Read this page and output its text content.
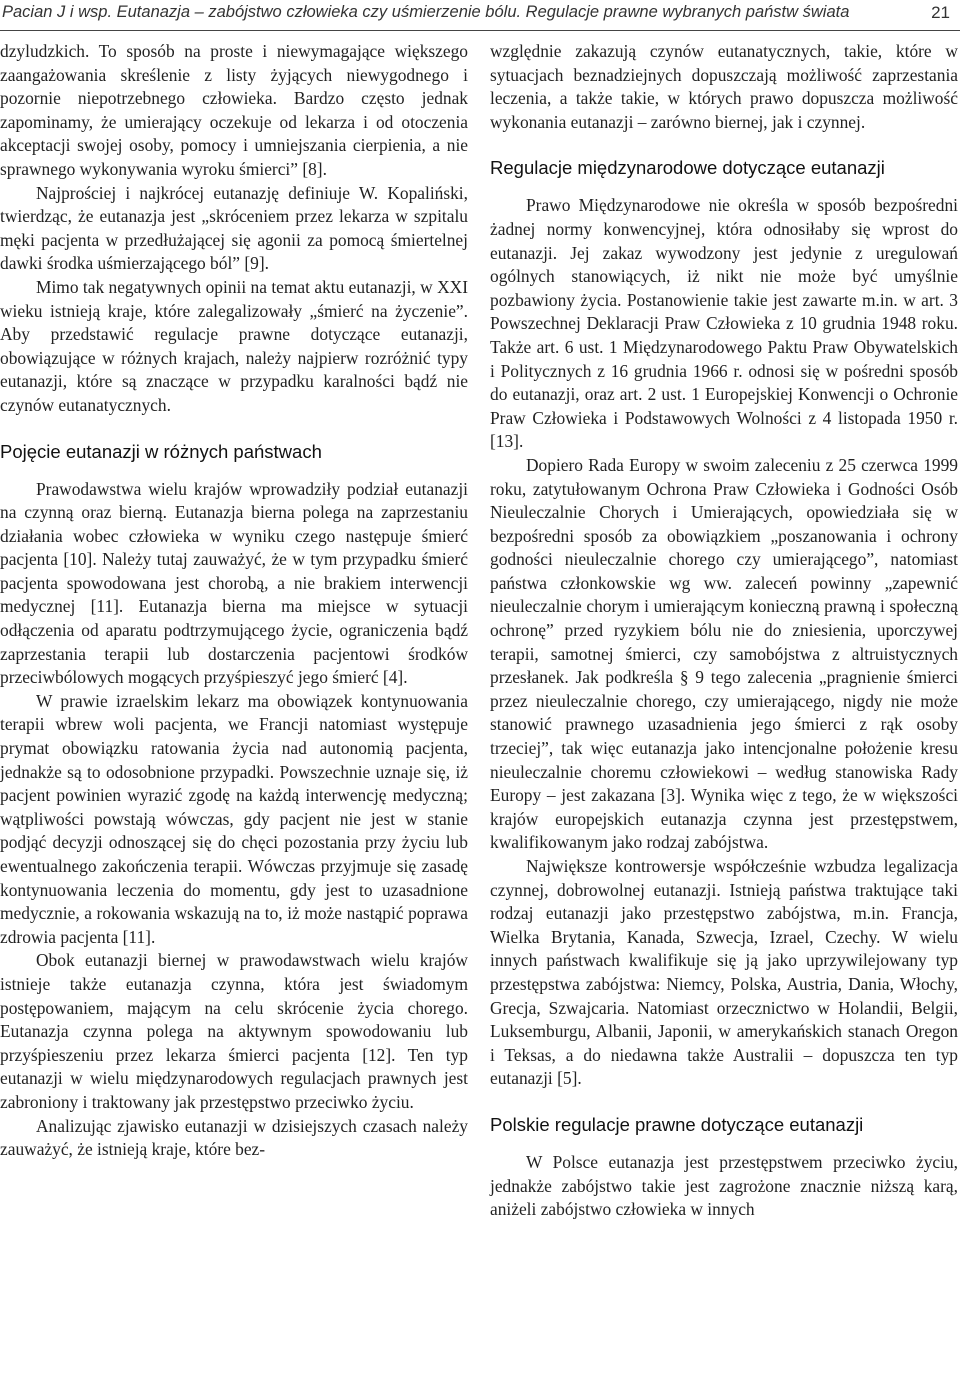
Pacian J i wsp. Eutanazja – zabójstwo człowieka czy uśmierzenie bólu. Regulacje prawne wybranych państw świata	21

dzyludzkich. To sposób na proste i niewymagające większego zaangażowania skreślenie z listy żyjących niewygodnego i pozornie niepotrzebnego człowieka. Bardzo często jednak zapominamy, że umierający oczekuje od lekarza i od otoczenia akceptacji swojej osoby, pomocy i umniejszania cierpienia, a nie sprawnego wykonywania wyroku śmierci” [8].

Najprościej i najkrócej eutanazję definiuje W. Kopaliński, twierdząc, że eutanazja jest „skróceniem przez lekarza w szpitalu męki pacjenta w przedłużającej się agonii za pomocą śmiertelnej dawki środka uśmierzającego ból” [9].

Mimo tak negatywnych opinii na temat aktu eutanazji, w XXI wieku istnieją kraje, które zalegalizowały „śmierć na życzenie”. Aby przedstawić regulacje prawne dotyczące eutanazji, obowiązujące w różnych krajach, należy najpierw rozróżnić typy eutanazji, które są znaczące w przypadku karalności bądź nie czynów eutanatycznych.

Pojęcie eutanazji w różnych państwach

Prawodawstwa wielu krajów wprowadziły podział eutanazji na czynną oraz bierną. Eutanazja bierna polega na zaprzestaniu działania wobec człowieka w wyniku czego następuje śmierć pacjenta [10]. Należy tutaj zauważyć, że w tym przypadku śmierć pacjenta spowodowana jest chorobą, a nie brakiem interwencji medycznej [11]. Eutanazja bierna ma miejsce w sytuacji odłączenia od aparatu podtrzymującego życie, ograniczenia bądź zaprzestania terapii lub dostarczenia pacjentowi środków przeciwbólowych mogących przyśpieszyć jego śmierć [4].

W prawie izraelskim lekarz ma obowiązek kontynuowania terapii wbrew woli pacjenta, we Francji natomiast występuje prymat obowiązku ratowania życia nad autonomią pacjenta, jednakże są to odosobnione przypadki. Powszechnie uznaje się, iż pacjent powinien wyrazić zgodę na każdą interwencję medyczną; wątpliwości powstają wówczas, gdy pacjent nie jest w stanie podjąć decyzji odnoszącej się do chęci pozostania przy życiu lub ewentualnego zakończenia terapii. Wówczas przyjmuje się zasadę kontynuowania leczenia do momentu, gdy jest to uzasadnione medycznie, a rokowania wskazują na to, iż może nastąpić poprawa zdrowia pacjenta [11].

Obok eutanazji biernej w prawodawstwach wielu krajów istnieje także eutanazja czynna, która jest świadomym postępowaniem, mającym na celu skrócenie życia chorego. Eutanazja czynna polega na aktywnym spowodowaniu lub przyśpieszeniu przez lekarza śmierci pacjenta [12]. Ten typ eutanazji w wielu międzynarodowych regulacjach prawnych jest zabroniony i traktowany jak przestępstwo przeciwko życiu.

Analizując zjawisko eutanazji w dzisiejszych czasach należy zauważyć, że istnieją kraje, które bez-

względnie zakazują czynów eutanatycznych, takie, które w sytuacjach beznadziejnych dopuszczają możliwość zaprzestania leczenia, a także takie, w których prawo dopuszcza możliwość wykonania eutanazji – zarówno biernej, jak i czynnej.

Regulacje międzynarodowe dotyczące eutanazji

Prawo Międzynarodowe nie określa w sposób bezpośredni żadnej normy konwencyjnej, która odnosiłaby się wprost do eutanazji. Jej zakaz wywodzony jest jedynie z uregulowań ogólnych stanowiących, iż nikt nie może być umyślnie pozbawiony życia. Postanowienie takie jest zawarte m.in. w art. 3 Powszechnej Deklaracji Praw Człowieka z 10 grudnia 1948 roku. Także art. 6 ust. 1 Międzynarodowego Paktu Praw Obywatelskich i Politycznych z 16 grudnia 1966 r. odnosi się w pośredni sposób do eutanazji, oraz art. 2 ust. 1 Europejskiej Konwencji o Ochronie Praw Człowieka i Podstawowych Wolności z 4 listopada 1950 r. [13].

Dopiero Rada Europy w swoim zaleceniu z 25 czerwca 1999 roku, zatytułowanym Ochrona Praw Człowieka i Godności Osób Nieuleczalnie Chorych i Umierających, opowiedziała się w bezpośredni sposób za obowiązkiem „poszanowania i ochrony godności nieuleczalnie chorego czy umierającego”, natomiast państwa członkowskie wg ww. zaleceń powinny „zapewnić nieuleczalnie chorym i umierającym konieczną prawną i społeczną ochronę” przed ryzykiem bólu nie do zniesienia, uporczywej terapii, samotnej śmierci, czy samobójstwa z altruistycznych przesłanek. Jak podkreśla § 9 tego zalecenia „pragnienie śmierci przez nieuleczalnie chorego, czy umierającego, nigdy nie może stanowić prawnego uzasadnienia jego śmierci z rąk osoby trzeciej”, tak więc eutanazja jako intencjonalne położenie kresu nieuleczalnie choremu człowiekowi – według stanowiska Rady Europy – jest zakazana [3]. Wynika więc z tego, że w większości krajów europejskich eutanazja czynna jest przestępstwem, kwalifikowanym jako rodzaj zabójstwa.

Największe kontrowersje współcześnie wzbudza legalizacja czynnej, dobrowolnej eutanazji. Istnieją państwa traktujące taki rodzaj eutanazji jako przestępstwo zabójstwa, m.in. Francja, Wielka Brytania, Kanada, Szwecja, Izrael, Czechy. W wielu innych państwach kwalifikuje się ją jako uprzywilejowany typ przestępstwa zabójstwa: Niemcy, Polska, Austria, Dania, Włochy, Grecja, Szwajcaria. Natomiast orzecznictwo w Holandii, Belgii, Luksemburgu, Albanii, Japonii, w amerykańskich stanach Oregon i Teksas, a do niedawna także Australii – dopuszcza ten typ eutanazji [5].

Polskie regulacje prawne dotyczące eutanazji

W Polsce eutanazja jest przestępstwem przeciwko życiu, jednakże zabójstwo takie jest zagrożone znacznie niższą karą, aniżeli zabójstwo człowieka w innych
